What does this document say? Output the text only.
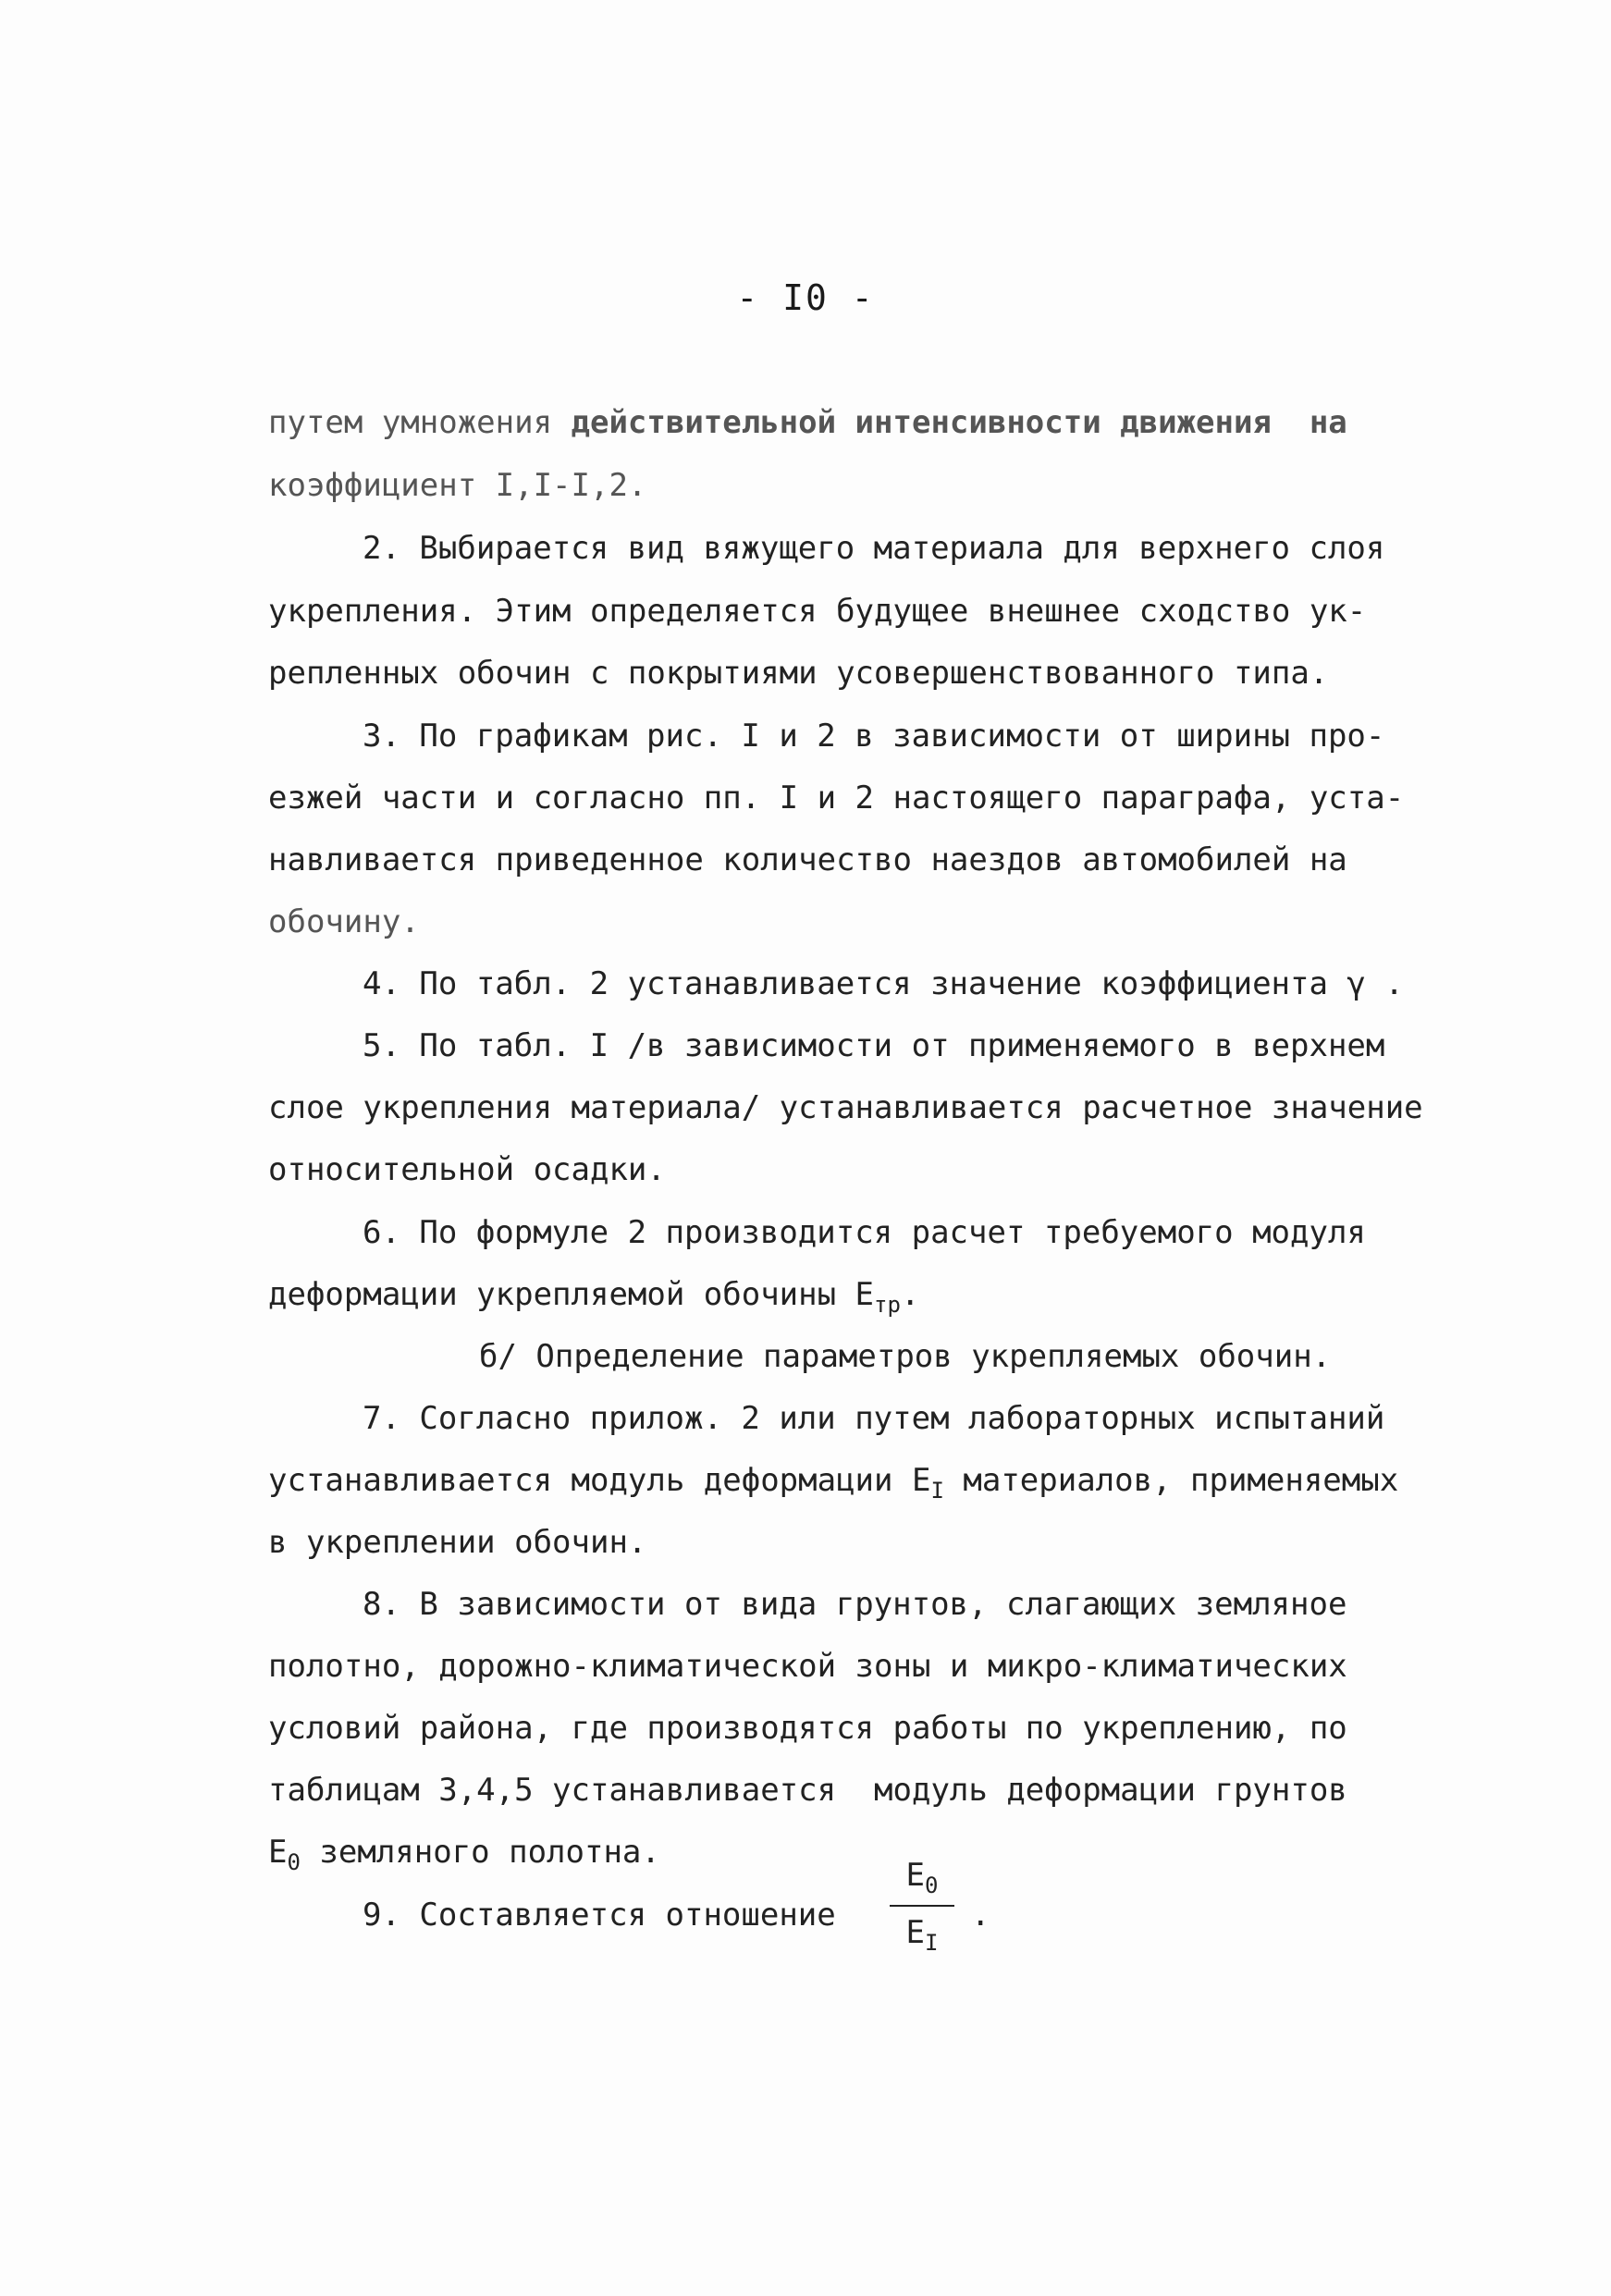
- I0 -
путем умножения действительной интенсивности движения  на
коэффициент I,I-I,2.
2. Выбирается вид вяжущего материала для верхнего слоя
укрепления. Этим определяется будущее внешнее сходство ук-
репленных обочин с покрытиями усовершенствованного типа.
3. По графикам рис. I и 2 в зависимости от ширины про-
езжей части и согласно пп. I и 2 настоящего параграфа, уста-
навливается приведенное количество наездов автомобилей на
обочину.
4. По табл. 2 устанавливается значение коэффициента γ .
5. По табл. I /в зависимости от применяемого в верхнем
слое укрепления материала/ устанавливается расчетное значение
относительной осадки.
6. По формуле 2 производится расчет требуемого модуля
деформации укрепляемой обочины $E_{тр}$.
б/ Определение параметров укрепляемых обочин.
7. Согласно прилож. 2 или путем лабораторных испытаний
устанавливается модуль деформации $E_I$ материалов, применяемых
в укреплении обочин.
8. В зависимости от вида грунтов, слагающих земляное
полотно, дорожно-климатической зоны и микро-климатических
условий района, где производятся работы по укреплению, по
таблицам 3,4,5 устанавливается  модуль деформации грунтов
$E_0$ земляного полотна.
9. Составляется отношение
$E_0$
$E_I$
.
